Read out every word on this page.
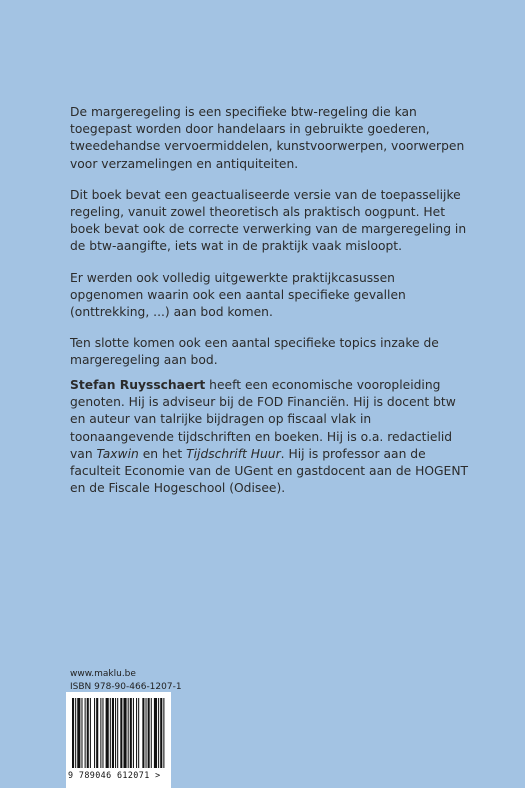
De margeregeling is een specifieke btw-regeling die kan toegepast worden door handelaars in gebruikte goederen, tweedehandse vervoermiddelen, kunstvoorwerpen, voorwerpen voor verzamelingen en antiquiteiten.

Dit boek bevat een geactualiseerde versie van de toepasselijke regeling, vanuit zowel theoretisch als praktisch oogpunt. Het boek bevat ook de correcte verwerking van de margeregeling in de btw-aangifte, iets wat in de praktijk vaak misloopt.

Er werden ook volledig uitgewerkte praktijkcasussen opgenomen waarin ook een aantal specifieke gevallen (onttrekking, ...) aan bod komen.

Ten slotte komen ook een aantal specifieke topics inzake de margeregeling aan bod.

Stefan Ruysschaert heeft een economische vooropleiding genoten. Hij is adviseur bij de FOD Financiën. Hij is docent btw en auteur van talrijke bijdragen op fiscaal vlak in toonaangevende tijdschriften en boeken. Hij is o.a. redactielid van Taxwin en het Tijdschrift Huur. Hij is professor aan de faculteit Economie van de UGent en gastdocent aan de HOGENT en de Fiscale Hogeschool (Odisee).
www.maklu.be
ISBN 978-90-466-1207-1
9 789046 612071 >
